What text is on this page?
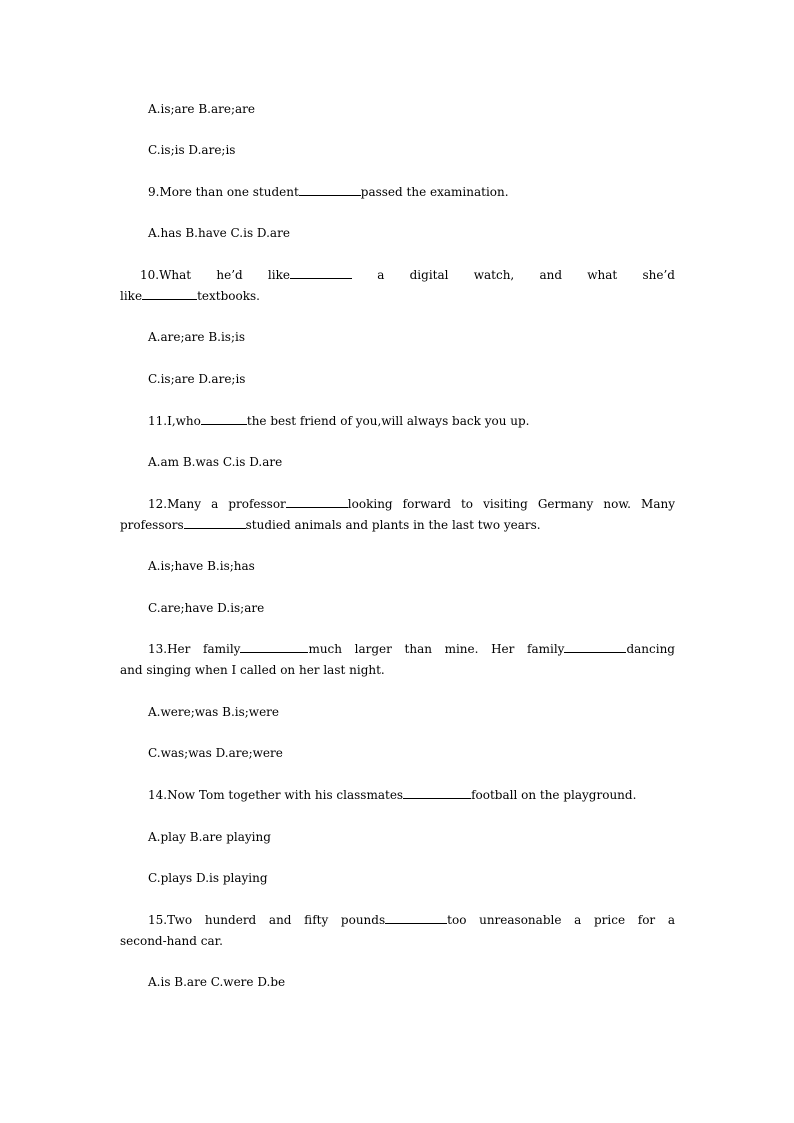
A.is;are B.are;are
C.is;is D.are;is
9.More than one student	passed the examination.
A.has B.have C.is D.are
10.What he’d like	a digital watch, and what she’d
like	textbooks.
A.are;are B.is;is
C.is;are D.are;is
11.I,who	the best friend of you,will always back you up.
A.am B.was C.is D.are
12.Many a professor	looking forward to visiting Germany now. Many
professors	studied animals and plants in the last two years.
A.is;have B.is;has
C.are;have D.is;are
13.Her family	much larger than mine. Her family	dancing
and singing when I called on her last night.
A.were;was B.is;were
C.was;was D.are;were
14.Now Tom together with his classmates	football on the playground.
A.play B.are playing
C.plays D.is playing
15.Two hunderd and fifty pounds	too unreasonable a price for a
second-hand car.
A.is B.are C.were D.be
